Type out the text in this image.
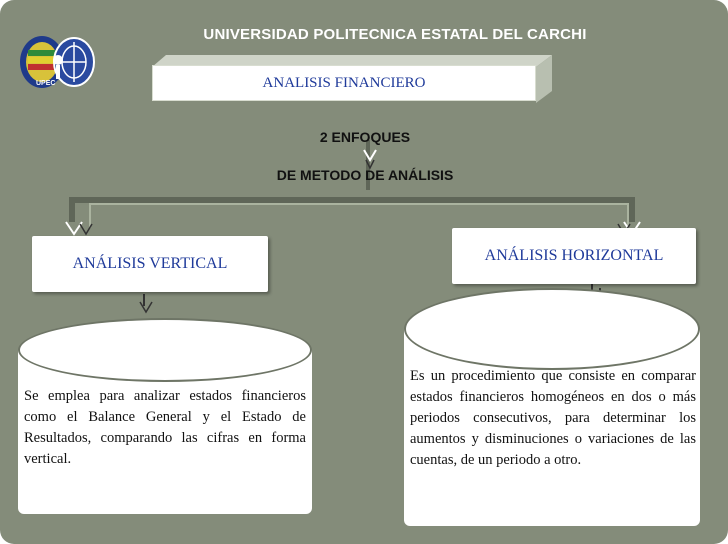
UPEC
UNIVERSIDAD POLITECNICA ESTATAL DEL CARCHI
ANALISIS FINANCIERO
2 ENFOQUES
DE METODO DE ANÁLISIS
ANÁLISIS VERTICAL	ANÁLISIS HORIZONTAL
Se emplea para analizar estados financieros como el Balance General y el Estado de Resultados, comparando las cifras en forma vertical.
Es un procedimiento que consiste en comparar estados financieros homogéneos en dos o más periodos consecutivos, para determinar los aumentos y disminuciones o variaciones de las cuentas, de un periodo a otro.
